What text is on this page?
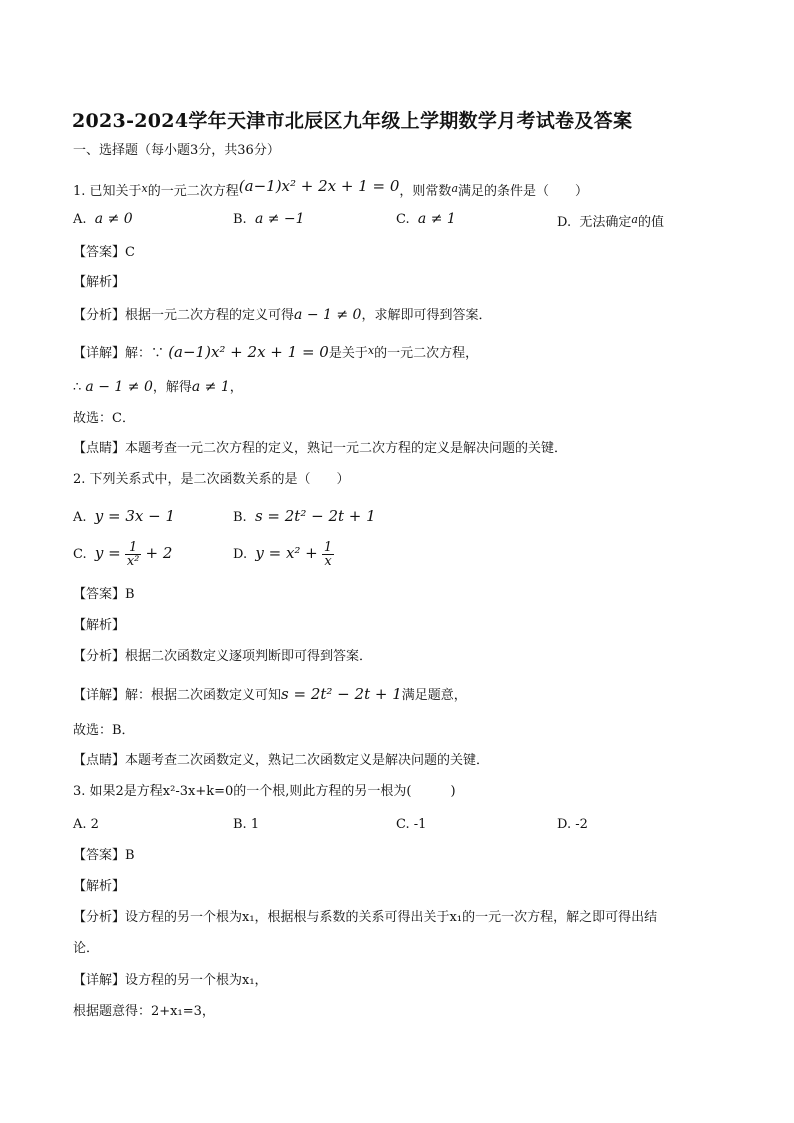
2023-2024学年天津市北辰区九年级上学期数学月考试卷及答案
一、选择题（每小题3分，共36分）
1. 已知关于$^x$的一元二次方程(a−1)x² + 2x + 1 = 0，则常数$^a$满足的条件是（　　）
A. a ≠ 0	B. a ≠ −1	C. a ≠ 1	D. 无法确定$^a$的值
【答案】C
【解析】
【分析】根据一元二次方程的定义可得a − 1 ≠ 0，求解即可得到答案．
【详解】解：∵ (a−1)x² + 2x + 1 = 0是关于$^x$的一元二次方程，
∴ a − 1 ≠ 0，解得a ≠ 1，
故选：C．
【点睛】本题考查一元二次方程的定义，熟记一元二次方程的定义是解决问题的关键．
2. 下列关系式中，是二次函数关系的是（　　）
A. y = 3x − 1	B. s = 2t² − 2t + 1
C. $y = \frac{1}{\text{x²}} + 2$	D. $y = x^2 + \frac{1}{x}$
【答案】B
【解析】
【分析】根据二次函数定义逐项判断即可得到答案．
【详解】解：根据二次函数定义可知s = 2t² − 2t + 1满足题意，
故选：B．
【点睛】本题考查二次函数定义，熟记二次函数定义是解决问题的关键．
3. 如果2是方程x²-3x+k=0的一个根,则此方程的另一根为(　　　)
A. 2	B. 1	C. -1	D. -2
【答案】B
【解析】
【分析】设方程的另一个根为x₁，根据根与系数的关系可得出关于x₁的一元一次方程，解之即可得出结
论．
【详解】设方程的另一个根为x₁，
根据题意得：2+x₁=3，
